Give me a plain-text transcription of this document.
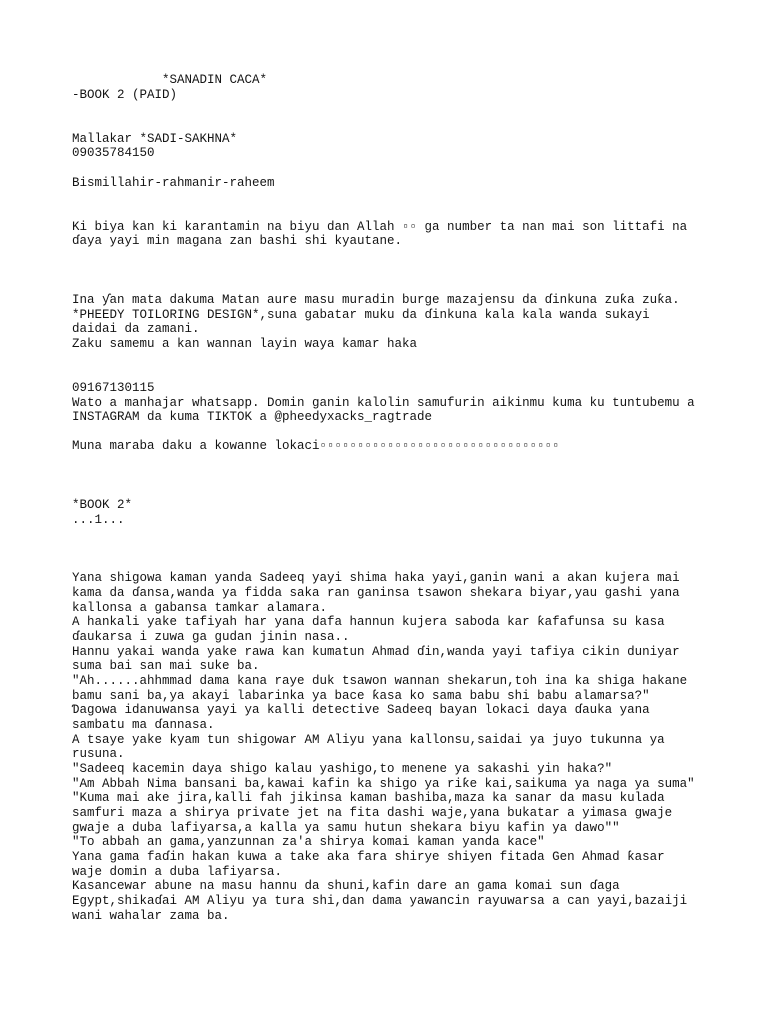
*SANADIN CACA*
-BOOK 2 (PAID)
Mallakar *SADI-SAKHNA*
09035784150
Bismillahir-rahmanir-raheem
Ki biya kan ki karantamin na biyu dan Allah ▫▫ ga number ta nan mai son littafi na
ɗaya yayi min magana zan bashi shi kyautane.
Ina ƴan mata dakuma Matan aure masu muradin burge mazajensu da ɗinkuna zuƙa zuƙa.
*PHEEDY TOILORING DESIGN*,suna gabatar muku da ɗinkuna kala kala wanda sukayi
daidai da zamani.
Zaku samemu a kan wannan layin waya kamar haka
09167130115
Wato a manhajar whatsapp. Domin ganin kalolin samufurin aikinmu kuma ku tuntubemu a
INSTAGRAM da kuma TIKTOK a @pheedyxacks_ragtrade
Muna maraba daku a kowanne lokaci▫▫▫▫▫▫▫▫▫▫▫▫▫▫▫▫▫▫▫▫▫▫▫▫▫▫▫▫▫▫▫▫
*BOOK 2*
...1...
Yana shigowa kaman yanda Sadeeq yayi shima haka yayi,ganin wani a akan kujera mai
kama da ɗansa,wanda ya fidda saka ran ganinsa tsawon shekara biyar,yau gashi yana
kallonsa a gabansa tamkar alamara.
A hankali yake tafiyah har yana dafa hannun kujera saboda kar ƙafafunsa su kasa
ɗaukarsa i zuwa ga gudan jinin nasa..
Hannu yakai wanda yake rawa kan kumatun Ahmad ɗin,wanda yayi tafiya cikin duniyar
suma bai san mai suke ba.
"Ah......ahhmmad dama kana raye duk tsawon wannan shekarun,toh ina ka shiga hakane
bamu sani ba,ya akayi labarinka ya bace ƙasa ko sama babu shi babu alamarsa?"
Ɗagowa idanuwansa yayi ya kalli detective Sadeeq bayan lokaci daya ɗauka yana
sambatu ma ɗannasa.
A tsaye yake kyam tun shigowar AM Aliyu yana kallonsu,saidai ya juyo tukunna ya
rusuna.
"Sadeeq kacemin daya shigo kalau yashigo,to menene ya sakashi yin haka?"
"Am Abbah Nima bansani ba,kawai kafin ka shigo ya riƙe kai,saikuma ya naga ya suma"
"Kuma mai ake jira,kalli fah jikinsa kaman bashiba,maza ka sanar da masu kulada
samfuri maza a shirya private jet na fita dashi waje,yana bukatar a yimasa gwaje
gwaje a duba lafiyarsa,a kalla ya samu hutun shekara biyu kafin ya dawo""
"To abbah an gama,yanzunnan za'a shirya komai kaman yanda kace"
Yana gama faɗin hakan kuwa a take aka fara shirye shiyen fitada Gen Ahmad ƙasar
waje domin a duba lafiyarsa.
Kasancewar abune na masu hannu da shuni,kafin dare an gama komai sun ɗaga
Egypt,shikaɗai AM Aliyu ya tura shi,dan dama yawancin rayuwarsa a can yayi,bazaiji
wani wahalar zama ba.
